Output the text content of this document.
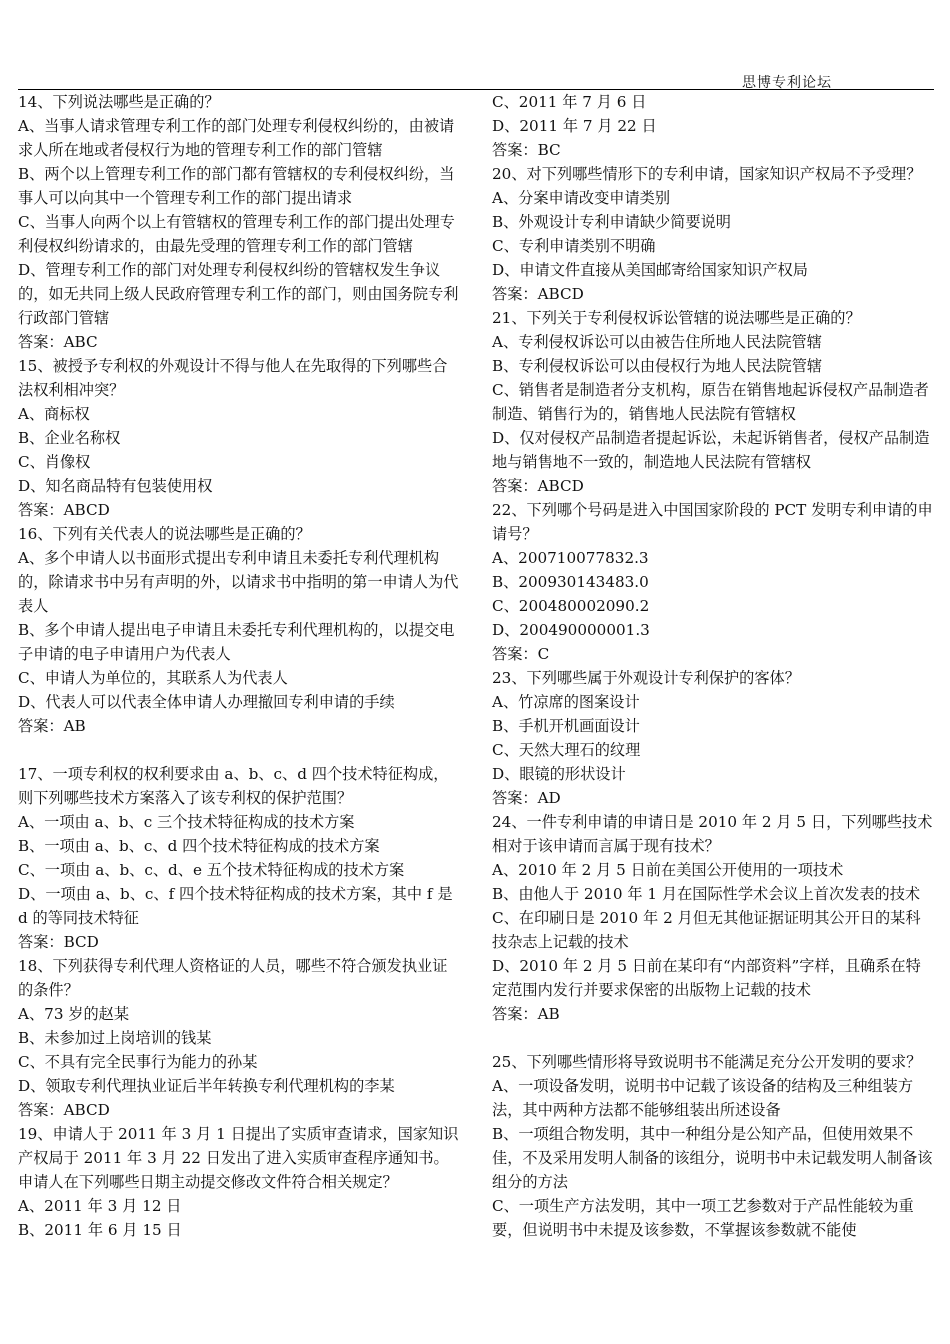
思博专利论坛

14、下列说法哪些是正确的？

A、当事人请求管理专利工作的部门处理专利侵权纠纷的，由被请求人所在地或者侵权行为地的管理专利工作的部门管辖

B、两个以上管理专利工作的部门都有管辖权的专利侵权纠纷，当事人可以向其中一个管理专利工作的部门提出请求

C、当事人向两个以上有管辖权的管理专利工作的部门提出处理专利侵权纠纷请求的，由最先受理的管理专利工作的部门管辖

D、管理专利工作的部门对处理专利侵权纠纷的管辖权发生争议的，如无共同上级人民政府管理专利工作的部门，则由国务院专利行政部门管辖

答案：ABC

15、被授予专利权的外观设计不得与他人在先取得的下列哪些合法权利相冲突？

A、商标权

B、企业名称权

C、肖像权

D、知名商品特有包装使用权

答案：ABCD

16、下列有关代表人的说法哪些是正确的？

A、多个申请人以书面形式提出专利申请且未委托专利代理机构的，除请求书中另有声明的外，以请求书中指明的第一申请人为代表人

B、多个申请人提出电子申请且未委托专利代理机构的，以提交电子申请的电子申请用户为代表人

C、申请人为单位的，其联系人为代表人

D、代表人可以代表全体申请人办理撤回专利申请的手续

答案：AB

17、一项专利权的权利要求由 a、b、c、d 四个技术特征构成，则下列哪些技术方案落入了该专利权的保护范围？

A、一项由 a、b、c 三个技术特征构成的技术方案

B、一项由 a、b、c、d 四个技术特征构成的技术方案

C、一项由 a、b、c、d、e 五个技术特征构成的技术方案

D、一项由 a、b、c、f 四个技术特征构成的技术方案，其中 f 是 d 的等同技术特征

答案：BCD

18、下列获得专利代理人资格证的人员，哪些不符合颁发执业证的条件？

A、73 岁的赵某

B、未参加过上岗培训的钱某

C、不具有完全民事行为能力的孙某

D、领取专利代理执业证后半年转换专利代理机构的李某

答案：ABCD

19、申请人于 2011 年 3 月 1 日提出了实质审查请求，国家知识产权局于 2011 年 3 月 22 日发出了进入实质审查程序通知书。申请人在下列哪些日期主动提交修改文件符合相关规定？

A、2011 年 3 月 12 日

B、2011 年 6 月 15 日

C、2011 年 7 月 6 日

D、2011 年 7 月 22 日

答案：BC

20、对下列哪些情形下的专利申请，国家知识产权局不予受理？

A、分案申请改变申请类别

B、外观设计专利申请缺少简要说明

C、专利申请类别不明确

D、申请文件直接从美国邮寄给国家知识产权局

答案：ABCD

21、下列关于专利侵权诉讼管辖的说法哪些是正确的？

A、专利侵权诉讼可以由被告住所地人民法院管辖

B、专利侵权诉讼可以由侵权行为地人民法院管辖

C、销售者是制造者分支机构，原告在销售地起诉侵权产品制造者制造、销售行为的，销售地人民法院有管辖权

D、仅对侵权产品制造者提起诉讼，未起诉销售者，侵权产品制造地与销售地不一致的，制造地人民法院有管辖权

答案：ABCD

22、下列哪个号码是进入中国国家阶段的 PCT 发明专利申请的申请号？

A、200710077832.3

B、200930143483.0

C、200480002090.2

D、200490000001.3

答案：C

23、下列哪些属于外观设计专利保护的客体？

A、竹凉席的图案设计

B、手机开机画面设计

C、天然大理石的纹理

D、眼镜的形状设计

答案：AD

24、一件专利申请的申请日是 2010 年 2 月 5 日，下列哪些技术相对于该申请而言属于现有技术？

A、2010 年 2 月 5 日前在美国公开使用的一项技术

B、由他人于 2010 年 1 月在国际性学术会议上首次发表的技术

C、在印刷日是 2010 年 2 月但无其他证据证明其公开日的某科技杂志上记载的技术

D、2010 年 2 月 5 日前在某印有“内部资料”字样，且确系在特定范围内发行并要求保密的出版物上记载的技术

答案：AB

25、下列哪些情形将导致说明书不能满足充分公开发明的要求？

A、一项设备发明，说明书中记载了该设备的结构及三种组装方法，其中两种方法都不能够组装出所述设备

B、一项组合物发明，其中一种组分是公知产品，但使用效果不佳，不及采用发明人制备的该组分，说明书中未记载发明人制备该组分的方法

C、一项生产方法发明，其中一项工艺参数对于产品性能较为重要，但说明书中未提及该参数，不掌握该参数就不能使
